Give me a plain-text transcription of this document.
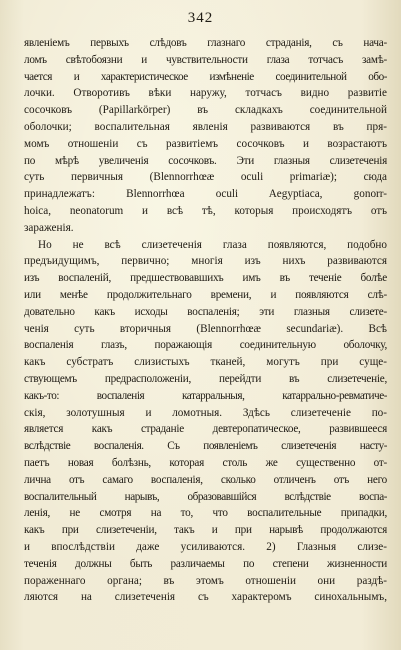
342
явленіемъ первыхъ слѣдовъ глазнаго страданія, съ нача-
ломъ свѣтобоязни и чувствительности глаза тотчасъ замѣ-
чается и характеристическое измѣненіе соединительной обо-
лочки. Отворотивъ вѣки наружу, тотчасъ видно развитіе
сосочковъ (Papillarkörper) въ складкахъ соединительной
оболочки; воспалительная явленія развиваются въ пря-
момъ отношеніи съ развитіемъ сосочковъ и возрастаютъ
по мѣрѣ увеличенія сосочковъ. Эти глазныя слизетеченія
суть первичныя (Blennorrhœæ oculi primariæ); сюда
принадлежатъ: Blennorrhœa oculi Aegyptiaca, gonorr-
hoica, neonatorum и всѣ тѣ, которыя происходятъ отъ
зараженія.
Но не всѣ слизетеченія глаза появляются, подобно
предъидущимъ, первично; многія изъ нихъ развиваются
изъ воспаленій, предшествовавшихъ имъ въ теченіе болѣе
или менѣе продолжительнаго времени, и появляются слѣ-
довательно какъ исходы воспаленія; эти глазныя слизете-
ченія суть вторичныя (Blennorrhœæ secundariæ). Всѣ
воспаленія глазъ, поражающія соединительную оболочку,
какъ субстратъ слизистыхъ тканей, могутъ при суще-
ствующемъ предрасположеніи, перейдти въ слизетеченіе,
какъ-то: воспаленія катарральныя, катаррально-ревматиче-
скія, золотушныя и ломотныя. Здѣсь слизетеченіе по-
является какъ страданіе девтеропатическое, развившееся
вслѣдствіе воспаленія. Съ появленіемъ слизетеченія насту-
паетъ новая болѣзнь, которая столь же существенно от-
лична отъ самаго воспаленія, сколько отличенъ отъ него
воспалительный нарывъ, образовавшійся вслѣдствіе воспа-
ленія, не смотря на то, что воспалительные припадки,
какъ при слизетеченіи, такъ и при нарывѣ продолжаются
и впослѣдствіи даже усиливаются. 2) Глазныя слизе-
теченія должны быть различаемы по степени жизненности
пораженнаго органа; въ этомъ отношеніи они раздѣ-
ляются на слизетеченія съ характеромъ синохальнымъ,
